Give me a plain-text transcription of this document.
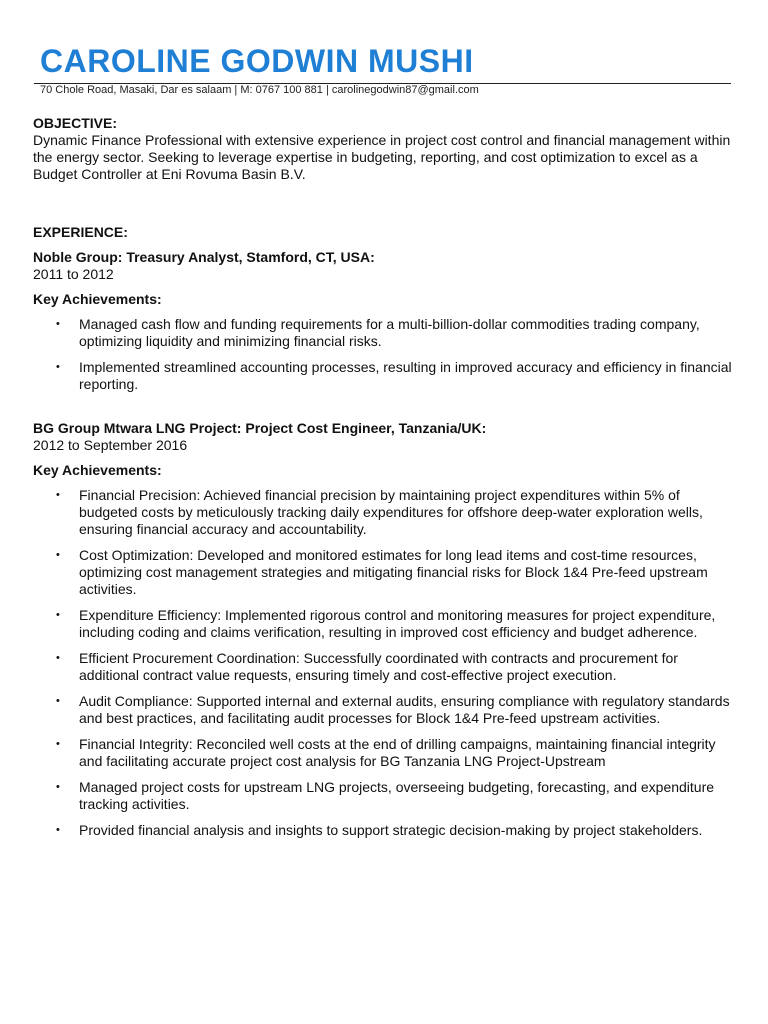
CAROLINE GODWIN MUSHI
70 Chole Road, Masaki, Dar es salaam | M: 0767 100 881 | carolinegodwin87@gmail.com
OBJECTIVE:

Dynamic Finance Professional with extensive experience in project cost control and financial management within the energy sector. Seeking to leverage expertise in budgeting, reporting, and cost optimization to excel as a Budget Controller at Eni Rovuma Basin B.V.

EXPERIENCE:
Noble Group: Treasury Analyst, Stamford, CT, USA:
2011 to 2012
Key Achievements:
• Managed cash flow and funding requirements for a multi-billion-dollar commodities trading company, optimizing liquidity and minimizing financial risks.
• Implemented streamlined accounting processes, resulting in improved accuracy and efficiency in financial reporting.
BG Group Mtwara LNG Project: Project Cost Engineer, Tanzania/UK:
2012 to September 2016
Key Achievements:
• Financial Precision: Achieved financial precision by maintaining project expenditures within 5% of budgeted costs by meticulously tracking daily expenditures for offshore deep-water exploration wells, ensuring financial accuracy and accountability.
• Cost Optimization: Developed and monitored estimates for long lead items and cost-time resources, optimizing cost management strategies and mitigating financial risks for Block 1&4 Pre-feed upstream activities.
• Expenditure Efficiency: Implemented rigorous control and monitoring measures for project expenditure, including coding and claims verification, resulting in improved cost efficiency and budget adherence.
• Efficient Procurement Coordination: Successfully coordinated with contracts and procurement for additional contract value requests, ensuring timely and cost-effective project execution.
• Audit Compliance: Supported internal and external audits, ensuring compliance with regulatory standards and best practices, and facilitating audit processes for Block 1&4 Pre-feed upstream activities.
• Financial Integrity: Reconciled well costs at the end of drilling campaigns, maintaining financial integrity and facilitating accurate project cost analysis for BG Tanzania LNG Project-Upstream
• Managed project costs for upstream LNG projects, overseeing budgeting, forecasting, and expenditure tracking activities.
• Provided financial analysis and insights to support strategic decision-making by project stakeholders.
